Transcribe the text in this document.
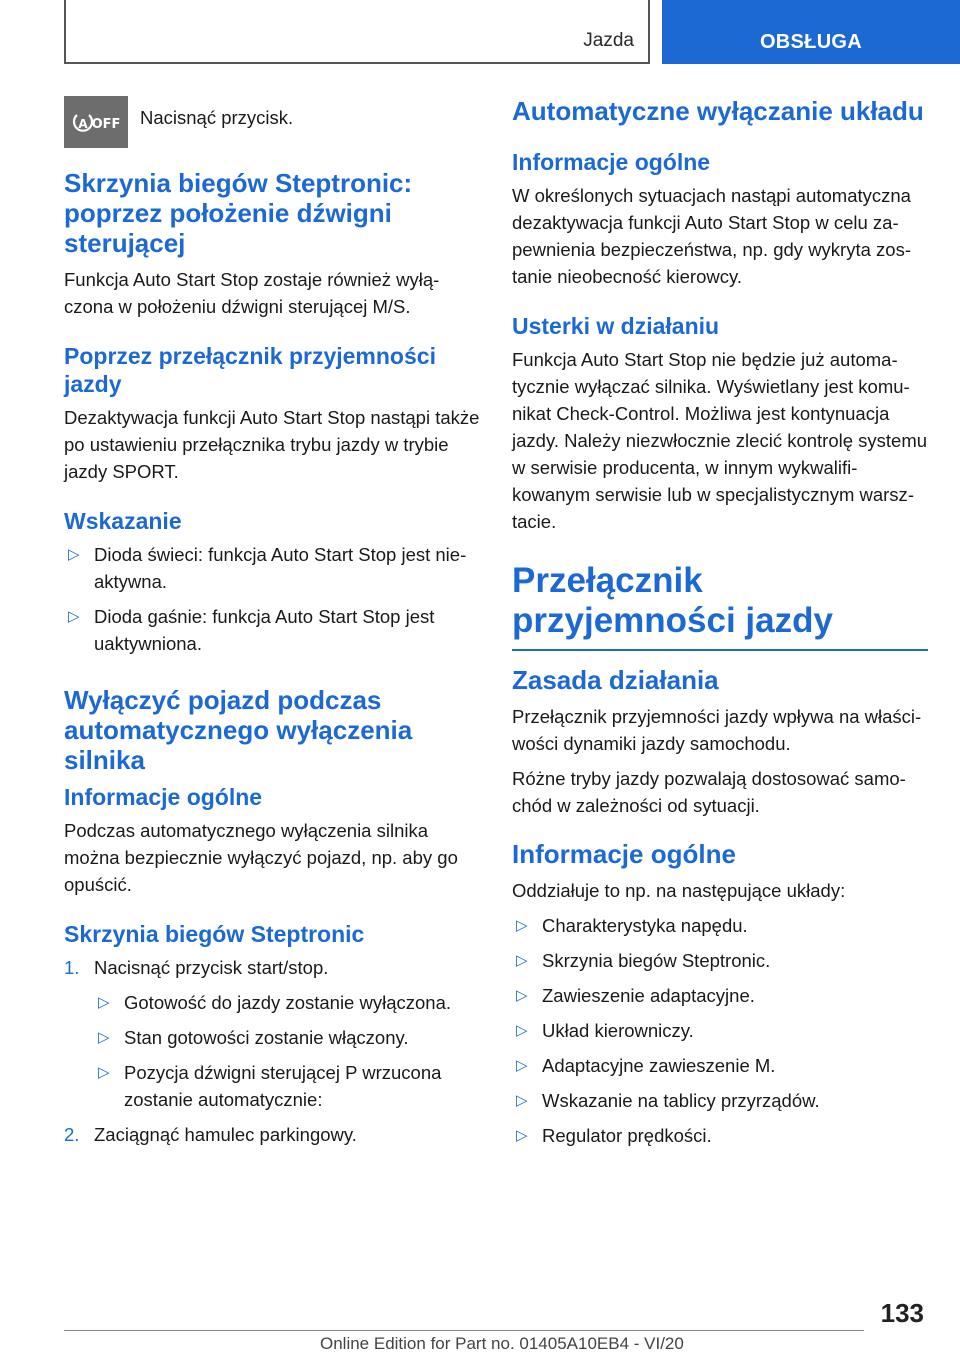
Jazda	OBSŁUGA
A OFF Nacisnąć przycisk.
Skrzynia biegów Steptronic: poprzez położenie dźwigni sterującej

Funkcja Auto Start Stop zostaje również wyłączona w położeniu dźwigni sterującej M/S.

Poprzez przełącznik przyjemności jazdy

Dezaktywacja funkcji Auto Start Stop nastąpi także po ustawieniu przełącznika trybu jazdy w trybie jazdy SPORT.

Wskazanie
▷ Dioda świeci: funkcja Auto Start Stop jest nieaktywna.
▷ Dioda gaśnie: funkcja Auto Start Stop jest uaktywniona.
Wyłączyć pojazd podczas automatycznego wyłączenia silnika
Informacje ogólne

Podczas automatycznego wyłączenia silnika można bezpiecznie wyłączyć pojazd, np. aby go opuścić.

Skrzynia biegów Steptronic
1. Nacisnąć przycisk start/stop.
▷ Gotowość do jazdy zostanie wyłączona.
▷ Stan gotowości zostanie włączony.
▷ Pozycja dźwigni sterującej P wrzucona zostanie automatycznie:
2. Zaciągnąć hamulec parkingowy.
Automatyczne wyłączanie układu
Informacje ogólne

W określonych sytuacjach nastąpi automatyczna dezaktywacja funkcji Auto Start Stop w celu zapewnienia bezpieczeństwa, np. gdy wykryta zostanie nieobecność kierowcy.

Usterki w działaniu

Funkcja Auto Start Stop nie będzie już automatycznie wyłączać silnika. Wyświetlany jest komunikat Check-Control. Możliwa jest kontynuacja jazdy. Należy niezwłocznie zlecić kontrolę systemu w serwisie producenta, w innym wykwalifikowanym serwisie lub w specjalistycznym warsztacie.

Przełącznik przyjemności jazdy
Zasada działania

Przełącznik przyjemności jazdy wpływa na właściwości dynamiki jazdy samochodu.

Różne tryby jazdy pozwalają dostosować samochód w zależności od sytuacji.

Informacje ogólne

Oddziałuje to np. na następujące układy:

▷ Charakterystyka napędu.
▷ Skrzynia biegów Steptronic.
▷ Zawieszenie adaptacyjne.
▷ Układ kierowniczy.
▷ Adaptacyjne zawieszenie M.
▷ Wskazanie na tablicy przyrządów.
▷ Regulator prędkości.
133
Online Edition for Part no. 01405A10EB4 - VI/20
